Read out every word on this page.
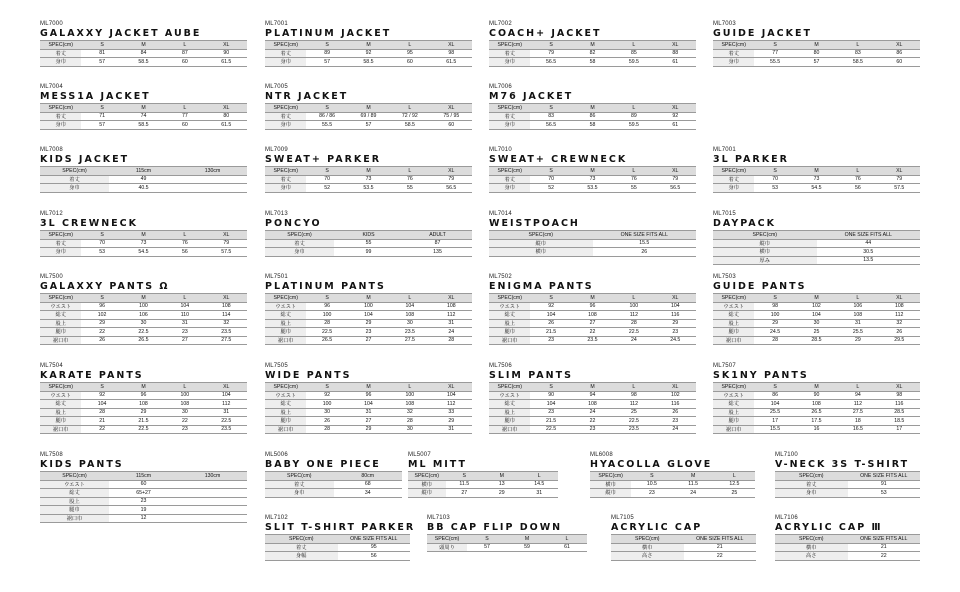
ML7000
GALAXXY JACKET AUBE
SPEC(cm)	S	M	L	XL
着丈	81	84	87	90
身巾	57	58.5	60	61.5
ML7001
PLATINUM JACKET
SPEC(cm)	S	M	L	XL
着丈	89	92	95	98
身巾	57	58.5	60	61.5
ML7002
COACH+ JACKET
SPEC(cm)	S	M	L	XL
着丈	79	82	85	88
身巾	56.5	58	59.5	61
ML7003
GUIDE JACKET
SPEC(cm)	S	M	L	XL
着丈	77	80	83	86
身巾	55.5	57	58.5	60
ML7004
MESS1A JACKET
SPEC(cm)	S	M	L	XL
着丈	71	74	77	80
身巾	57	58.5	60	61.5
ML7005
NTR JACKET
SPEC(cm)	S	M	L	XL
着丈	86 / 86	69 / 89	72 / 92	75 / 95
身巾	55.5	57	58.5	60
ML7006
M76 JACKET
SPEC(cm)	S	M	L	XL
着丈	83	86	89	92
身巾	56.5	58	59.5	61
ML7008
KIDS JACKET
SPEC(cm)	115cm	130cm
着丈	49	
身巾	40.5	
ML7009
SWEAT+ PARKER
SPEC(cm)	S	M	L	XL
着丈	70	73	76	79
身巾	52	53.5	55	56.5
ML7010
SWEAT+ CREWNECK
SPEC(cm)	S	M	L	XL
着丈	70	73	76	79
身巾	52	53.5	55	56.5
ML7001
3L PARKER
SPEC(cm)	S	M	L	XL
着丈	70	73	76	79
身巾	53	54.5	56	57.5
ML7012
3L CREWNECK
SPEC(cm)	S	M	L	XL
着丈	70	73	76	79
身巾	53	54.5	56	57.5
ML7013
PONCYO
SPEC(cm)	KIDS	ADULT
着丈	55	87
身巾	99	135
ML7014
WEISTPOACH
SPEC(cm)	ONE SIZE FITS ALL
縦巾	15.5
横巾	26
ML7015
DAYPACK
SPEC(cm)	ONE SIZE FITS ALL
縦巾	44
横巾	30.5
厚み	13.5
ML7500
GALAXXY PANTS Ω
SPEC(cm)	S	M	L	XL
ウエスト	96	100	104	108
総丈	102	106	110	114
股上	29	30	31	32
腿巾	22	22.5	23	23.5
裾口巾	26	26.5	27	27.5
ML7501
PLATINUM PANTS
SPEC(cm)	S	M	L	XL
ウエスト	96	100	104	108
総丈	100	104	108	112
股上	28	29	30	31
腿巾	22.5	23	23.5	24
裾口巾	26.5	27	27.5	28
ML7502
ENIGMA PANTS
SPEC(cm)	S	M	L	XL
ウエスト	92	96	100	104
総丈	104	108	112	116
股上	26	27	28	29
腿巾	21.5	22	22.5	23
裾口巾	23	23.5	24	24.5
ML7503
GUIDE PANTS
SPEC(cm)	S	M	L	XL
ウエスト	98	102	106	108
総丈	100	104	108	112
股上	29	30	31	32
腿巾	24.5	25	25.5	26
裾口巾	28	28.5	29	29.5
ML7504
KARATE PANTS
SPEC(cm)	S	M	L	XL
ウエスト	92	96	100	104
総丈	104	108	108	112
股上	28	29	30	31
腿巾	21	21.5	22	22.5
裾口巾	22	22.5	23	23.5
ML7505
WIDE PANTS
SPEC(cm)	S	M	L	XL
ウエスト	92	96	100	104
総丈	100	104	108	112
股上	30	31	32	33
腿巾	26	27	28	29
裾口巾	28	29	30	31
ML7506
SLIM PANTS
SPEC(cm)	S	M	L	XL
ウエスト	90	94	98	102
総丈	104	108	112	116
股上	23	24	25	26
腿巾	21.5	22	22.5	23
裾口巾	22.5	23	23.5	24
ML7507
SK1NY PANTS
SPEC(cm)	S	M	L	XL
ウエスト	86	90	94	98
総丈	104	108	112	116
股上	25.5	26.5	27.5	28.5
腿巾	17	17.5	18	18.5
裾口巾	15.5	16	16.5	17
ML7508
KIDS PANTS
SPEC(cm)	115cm	130cm
ウエスト	60	
総丈	65+27	
股上	23	
腿巾	19	
裾口巾	12	
ML5006
BABY ONE PIECE
SPEC(cm)	80cm
着丈	68
身巾	34
ML5007
ML MITT
SPEC(cm)	S	M	L
横巾	11.5	13	14.5
縦巾	27	29	31
ML6008
HYACOLLA GLOVE
SPEC(cm)	S	M	L
横巾	10.5	11.5	12.5
縦巾	23	24	25
ML7100
V-NECK 3S T-SHIRT
SPEC(cm)	ONE SIZE FITS ALL
着丈	91
身巾	53
ML7102
SLIT T-SHIRT PARKER
SPEC(cm)	ONE SIZE FITS ALL
着丈	95
身幅	56
ML7103
BB CAP FLIP DOWN
SPEC(cm)	S	M	L
頭周り	57	59	61
ML7105
ACRYLIC CAP
SPEC(cm)	ONE SIZE FITS ALL
横巾	21
高さ	22
ML7106
ACRYLIC CAP Ⅲ
SPEC(cm)	ONE SIZE FITS ALL
横巾	21
高さ	22
